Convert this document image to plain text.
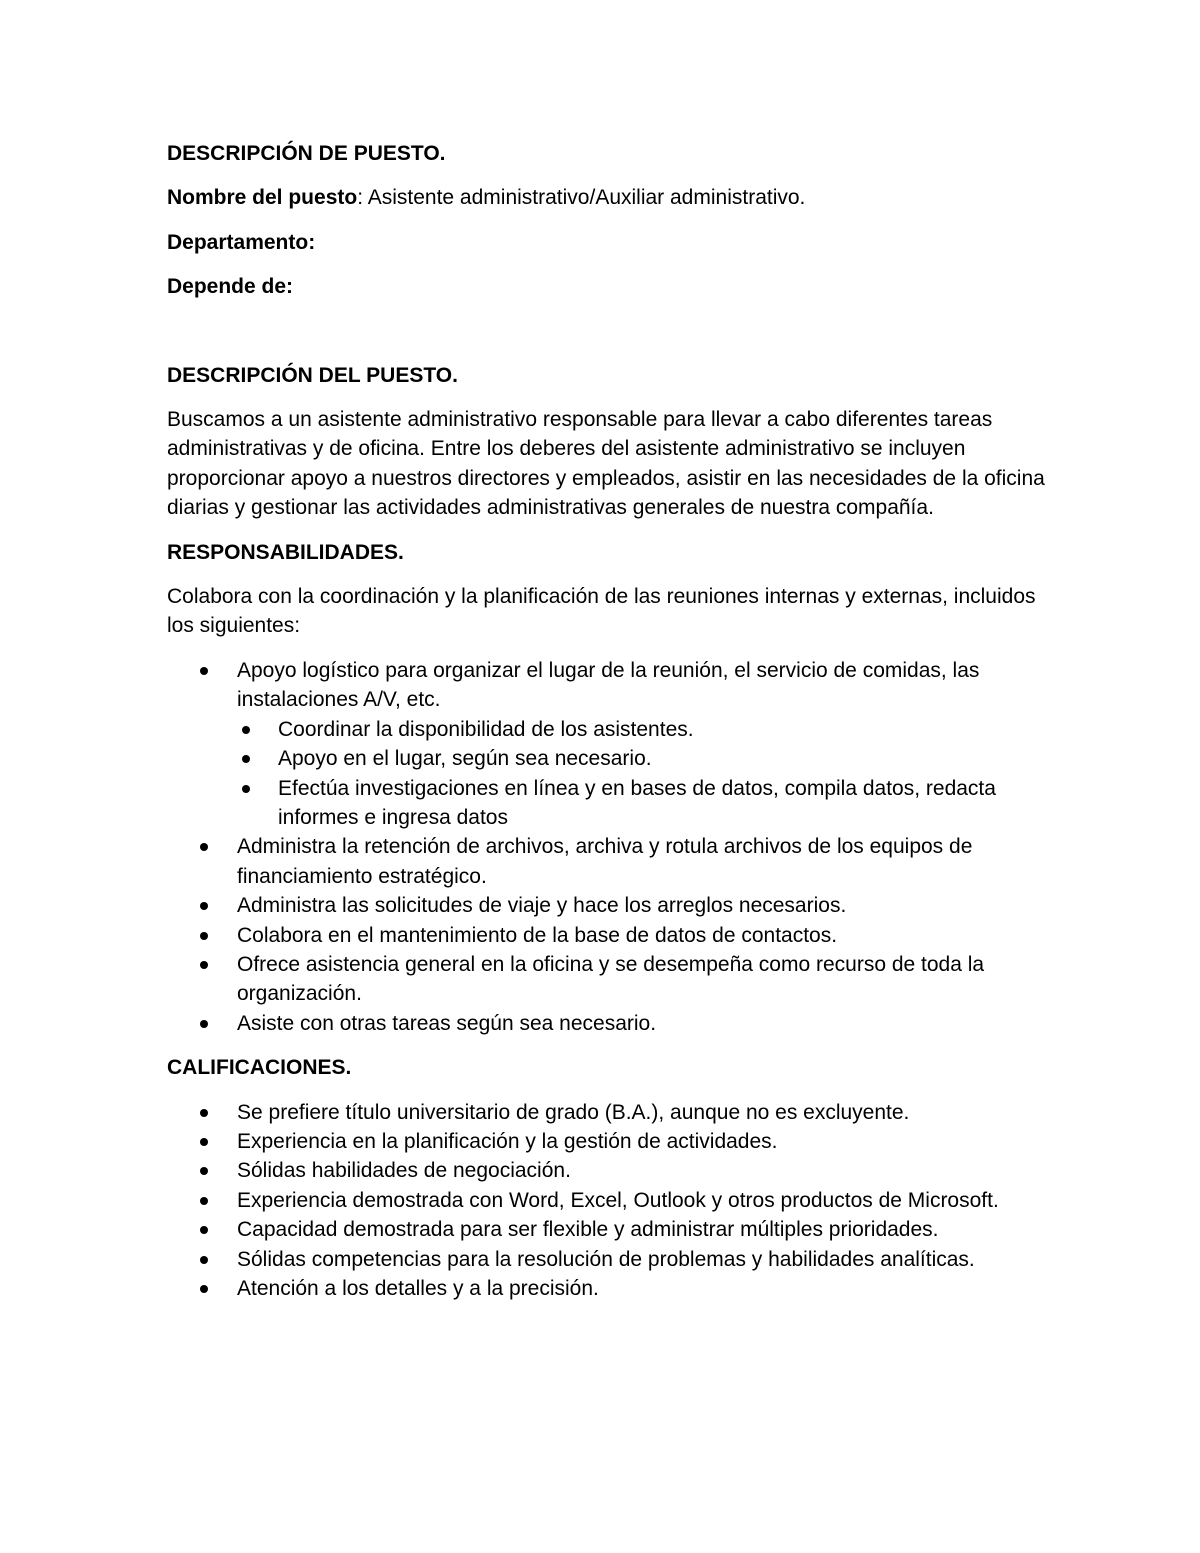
DESCRIPCIÓN DE PUESTO.
Nombre del puesto: Asistente administrativo/Auxiliar administrativo.
Departamento:
Depende de:
DESCRIPCIÓN DEL PUESTO.
Buscamos a un asistente administrativo responsable para llevar a cabo diferentes tareas administrativas y de oficina. Entre los deberes del asistente administrativo se incluyen proporcionar apoyo a nuestros directores y empleados, asistir en las necesidades de la oficina diarias y gestionar las actividades administrativas generales de nuestra compañía.
RESPONSABILIDADES.
Colabora con la coordinación y la planificación de las reuniones internas y externas, incluidos los siguientes:
Apoyo logístico para organizar el lugar de la reunión, el servicio de comidas, las instalaciones A/V, etc.
Coordinar la disponibilidad de los asistentes.
Apoyo en el lugar, según sea necesario.
Efectúa investigaciones en línea y en bases de datos, compila datos, redacta informes e ingresa datos
Administra la retención de archivos, archiva y rotula archivos de los equipos de financiamiento estratégico.
Administra las solicitudes de viaje y hace los arreglos necesarios.
Colabora en el mantenimiento de la base de datos de contactos.
Ofrece asistencia general en la oficina y se desempeña como recurso de toda la organización.
Asiste con otras tareas según sea necesario.
CALIFICACIONES.
Se prefiere título universitario de grado (B.A.), aunque no es excluyente.
Experiencia en la planificación y la gestión de actividades.
Sólidas habilidades de negociación.
Experiencia demostrada con Word, Excel, Outlook y otros productos de Microsoft.
Capacidad demostrada para ser flexible y administrar múltiples prioridades.
Sólidas competencias para la resolución de problemas y habilidades analíticas.
Atención a los detalles y a la precisión.
